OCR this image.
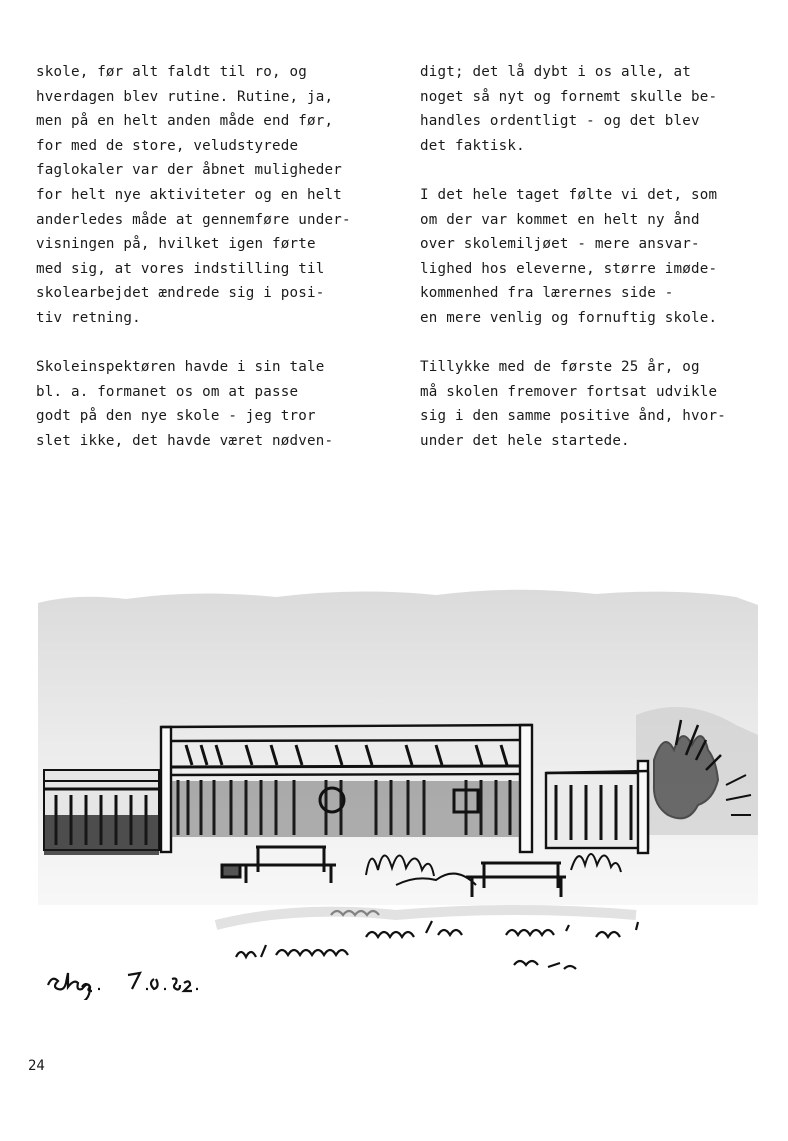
skole, før alt faldt til ro, og
hverdagen blev rutine. Rutine, ja,
men på en helt anden måde end før,
for med de store, veludstyrede
faglokaler var der åbnet muligheder
for helt nye aktiviteter og en helt
anderledes måde at gennemføre under-
visningen på, hvilket igen førte
med sig, at vores indstilling til
skolearbejdet ændrede sig i posi-
tiv retning.

Skoleinspektøren havde i sin tale
bl. a. formanet os om at passe
godt på den nye skole - jeg tror
slet ikke, det havde været nødven-

digt; det lå dybt i os alle, at
noget så nyt og fornemt skulle be-
handles ordentligt - og det blev
det faktisk.

I det hele taget følte vi det, som
om der var kommet en helt ny ånd
over skolemiljøet - mere ansvar-
lighed hos eleverne, større imøde-
kommenhed fra lærernes side -
en mere venlig og fornuftig skole.

Tillykke med de første 25 år, og
må skolen fremover fortsat udvikle
sig i den samme positive ånd, hvor-
under det hele startede.

24
